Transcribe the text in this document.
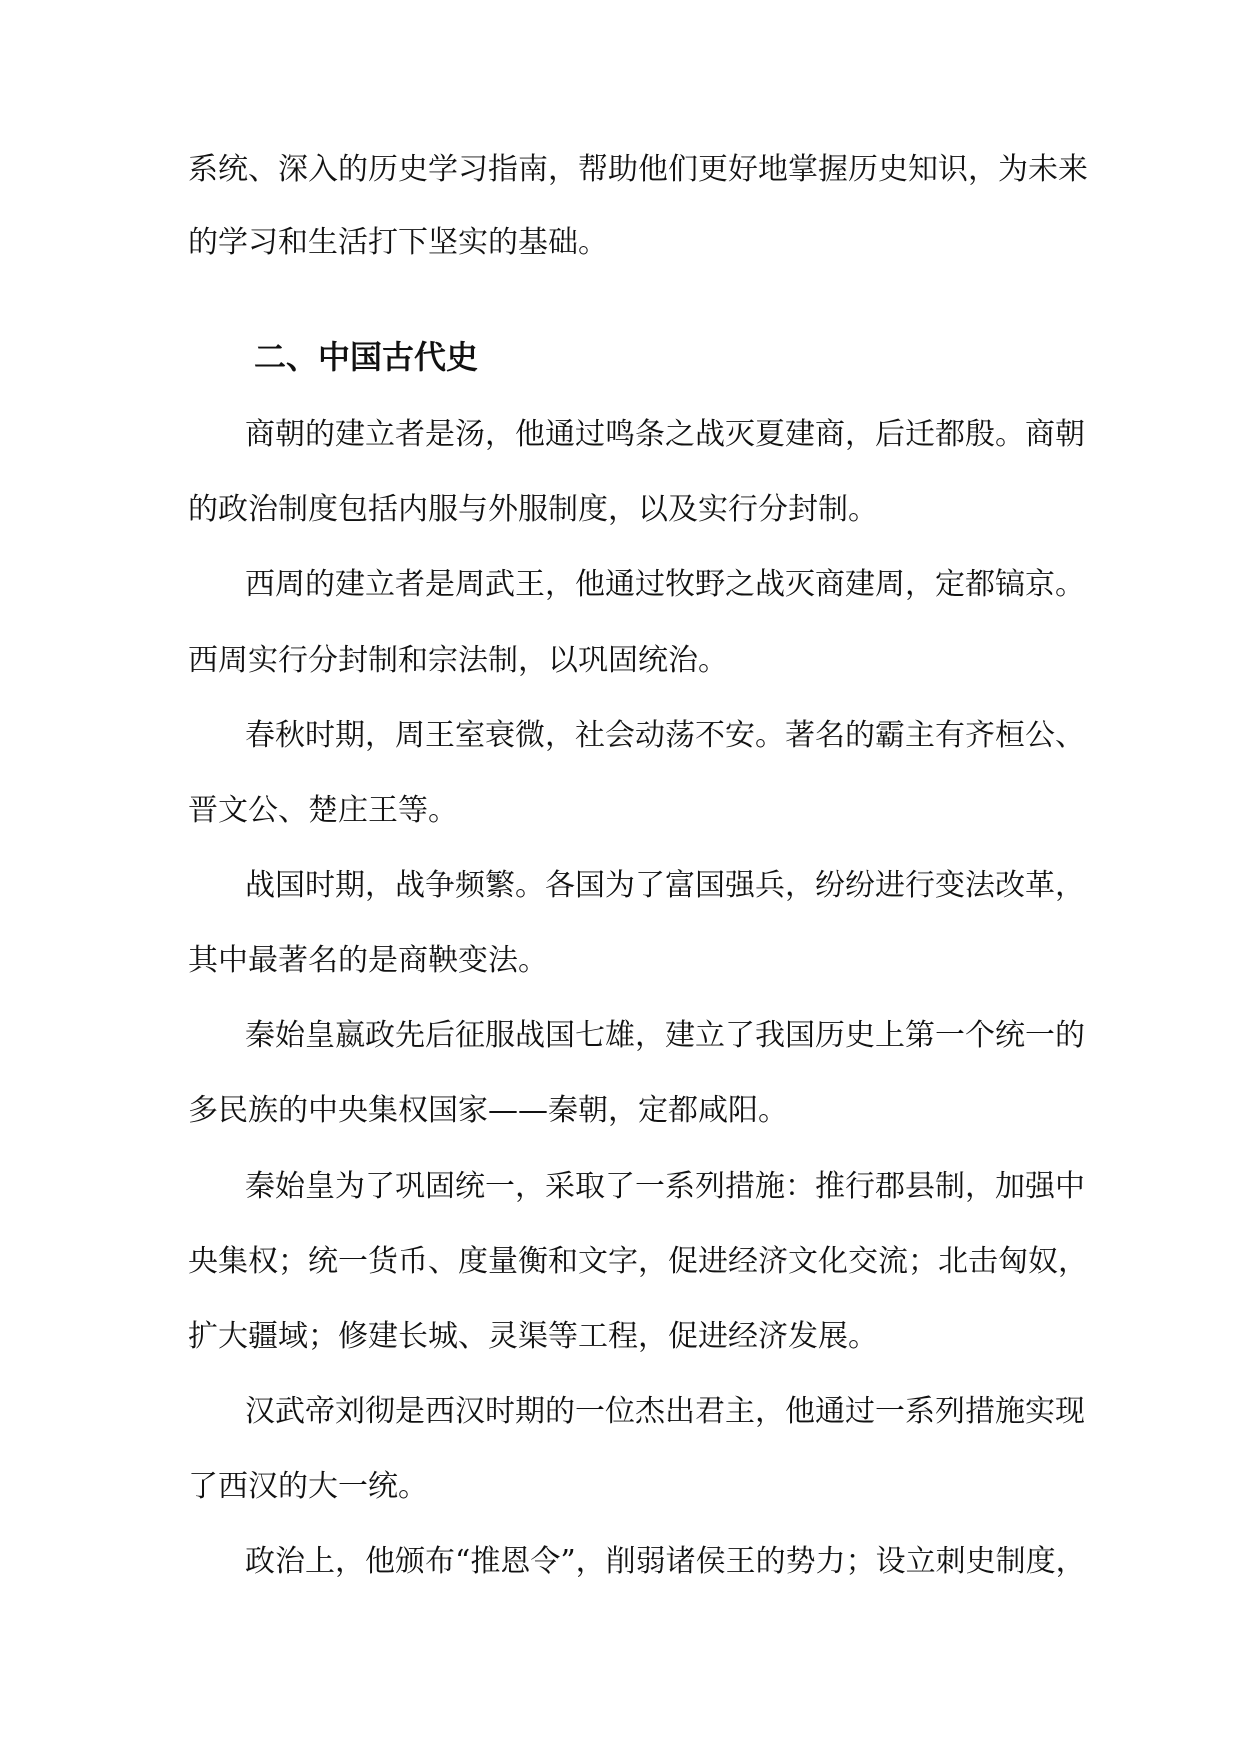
系统、深入的历史学习指南，帮助他们更好地掌握历史知识，为未来
的学习和生活打下坚实的基础。
二、中国古代史
商朝的建立者是汤，他通过鸣条之战灭夏建商，后迁都殷。商朝
的政治制度包括内服与外服制度，以及实行分封制。
西周的建立者是周武王，他通过牧野之战灭商建周，定都镐京。
西周实行分封制和宗法制，以巩固统治。
春秋时期，周王室衰微，社会动荡不安。著名的霸主有齐桓公、
晋文公、楚庄王等。
战国时期，战争频繁。各国为了富国强兵，纷纷进行变法改革，
其中最著名的是商鞅变法。
秦始皇嬴政先后征服战国七雄，建立了我国历史上第一个统一的
多民族的中央集权国家——秦朝，定都咸阳。
秦始皇为了巩固统一，采取了一系列措施：推行郡县制，加强中
央集权；统一货币、度量衡和文字，促进经济文化交流；北击匈奴，
扩大疆域；修建长城、灵渠等工程，促进经济发展。
汉武帝刘彻是西汉时期的一位杰出君主，他通过一系列措施实现
了西汉的大一统。
政治上，他颁布“推恩令”，削弱诸侯王的势力；设立刺史制度，
